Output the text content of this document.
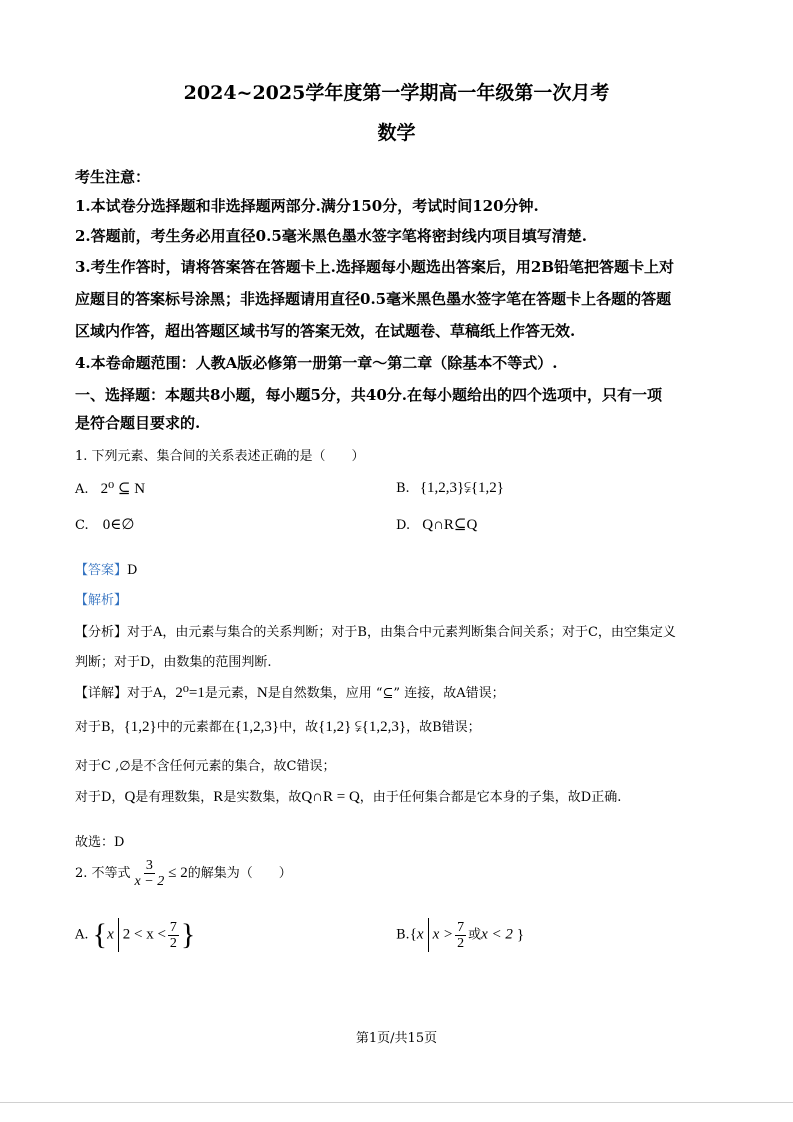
2024~2025学年度第一学期高一年级第一次月考
数学
考生注意：
1.本试卷分选择题和非选择题两部分.满分150分，考试时间120分钟.
2.答题前，考生务必用直径0.5毫米黑色墨水签字笔将密封线内项目填写清楚.
3.考生作答时，请将答案答在答题卡上.选择题每小题选出答案后，用2B铅笔把答题卡上对
应题目的答案标号涂黑；非选择题请用直径0.5毫米黑色墨水签字笔在答题卡上各题的答题
区域内作答，超出答题区域书写的答案无效，在试题卷、草稿纸上作答无效.
4.本卷命题范围：人教A版必修第一册第一章～第二章（除基本不等式）.
一、选择题：本题共8小题，每小题5分，共40分.在每小题给出的四个选项中，只有一项
是符合题目要求的.
1. 下列元素、集合间的关系表述正确的是（　　）
A. 2⁰ ⊆ N	B. {1,2,3}⫋{1,2}
C. 0∈∅	D. Q∩R⊆Q
【答案】D
【解析】
【分析】对于A，由元素与集合的关系判断；对于B，由集合中元素判断集合间关系；对于C，由空集定义
判断；对于D，由数集的范围判断.
【详解】对于A，2⁰=1是元素，N是自然数集，应用 “⊆” 连接，故A错误；
对于B，{1,2}中的元素都在{1,2,3}中，故{1,2} ⫋{1,2,3}，故B错误；
对于C ,∅是不含任何元素的集合，故C错误；
对于D，Q是有理数集，R是实数集，故Q∩R = Q，由于任何集合都是它本身的子集，故D正确.
故选：D
2. 不等式 $\frac{3}{x - 2} \le 2$的解集为（　　）
A. {x $2 < x < \frac{7}{2}$ }	B.{x $x > \frac{7}{2}$ 或x < 2 }
第1页/共15页
